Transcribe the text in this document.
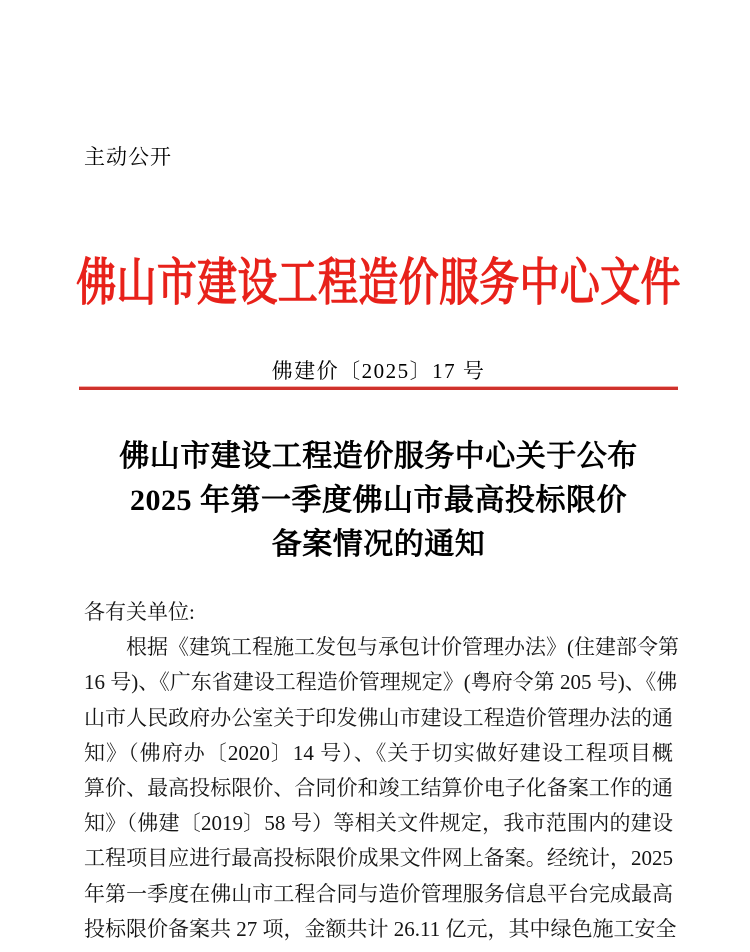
主动公开
佛山市建设工程造价服务中心文件
佛建价〔2025〕17 号
佛山市建设工程造价服务中心关于公布
2025 年第一季度佛山市最高投标限价
备案情况的通知
各有关单位:
　　根据《建筑工程施工发包与承包计价管理办法》(住建部令第
16 号)、《广东省建设工程造价管理规定》(粤府令第 205 号)、《佛
山市人民政府办公室关于印发佛山市建设工程造价管理办法的通
知》（佛府办〔2020〕14 号）、《关于切实做好建设工程项目概
算价、最高投标限价、合同价和竣工结算价电子化备案工作的通
知》（佛建〔2019〕58 号）等相关文件规定，我市范围内的建设
工程项目应进行最高投标限价成果文件网上备案。经统计，2025
年第一季度在佛山市工程合同与造价管理服务信息平台完成最高
投标限价备案共 27 项，金额共计 26.11 亿元，其中绿色施工安全
